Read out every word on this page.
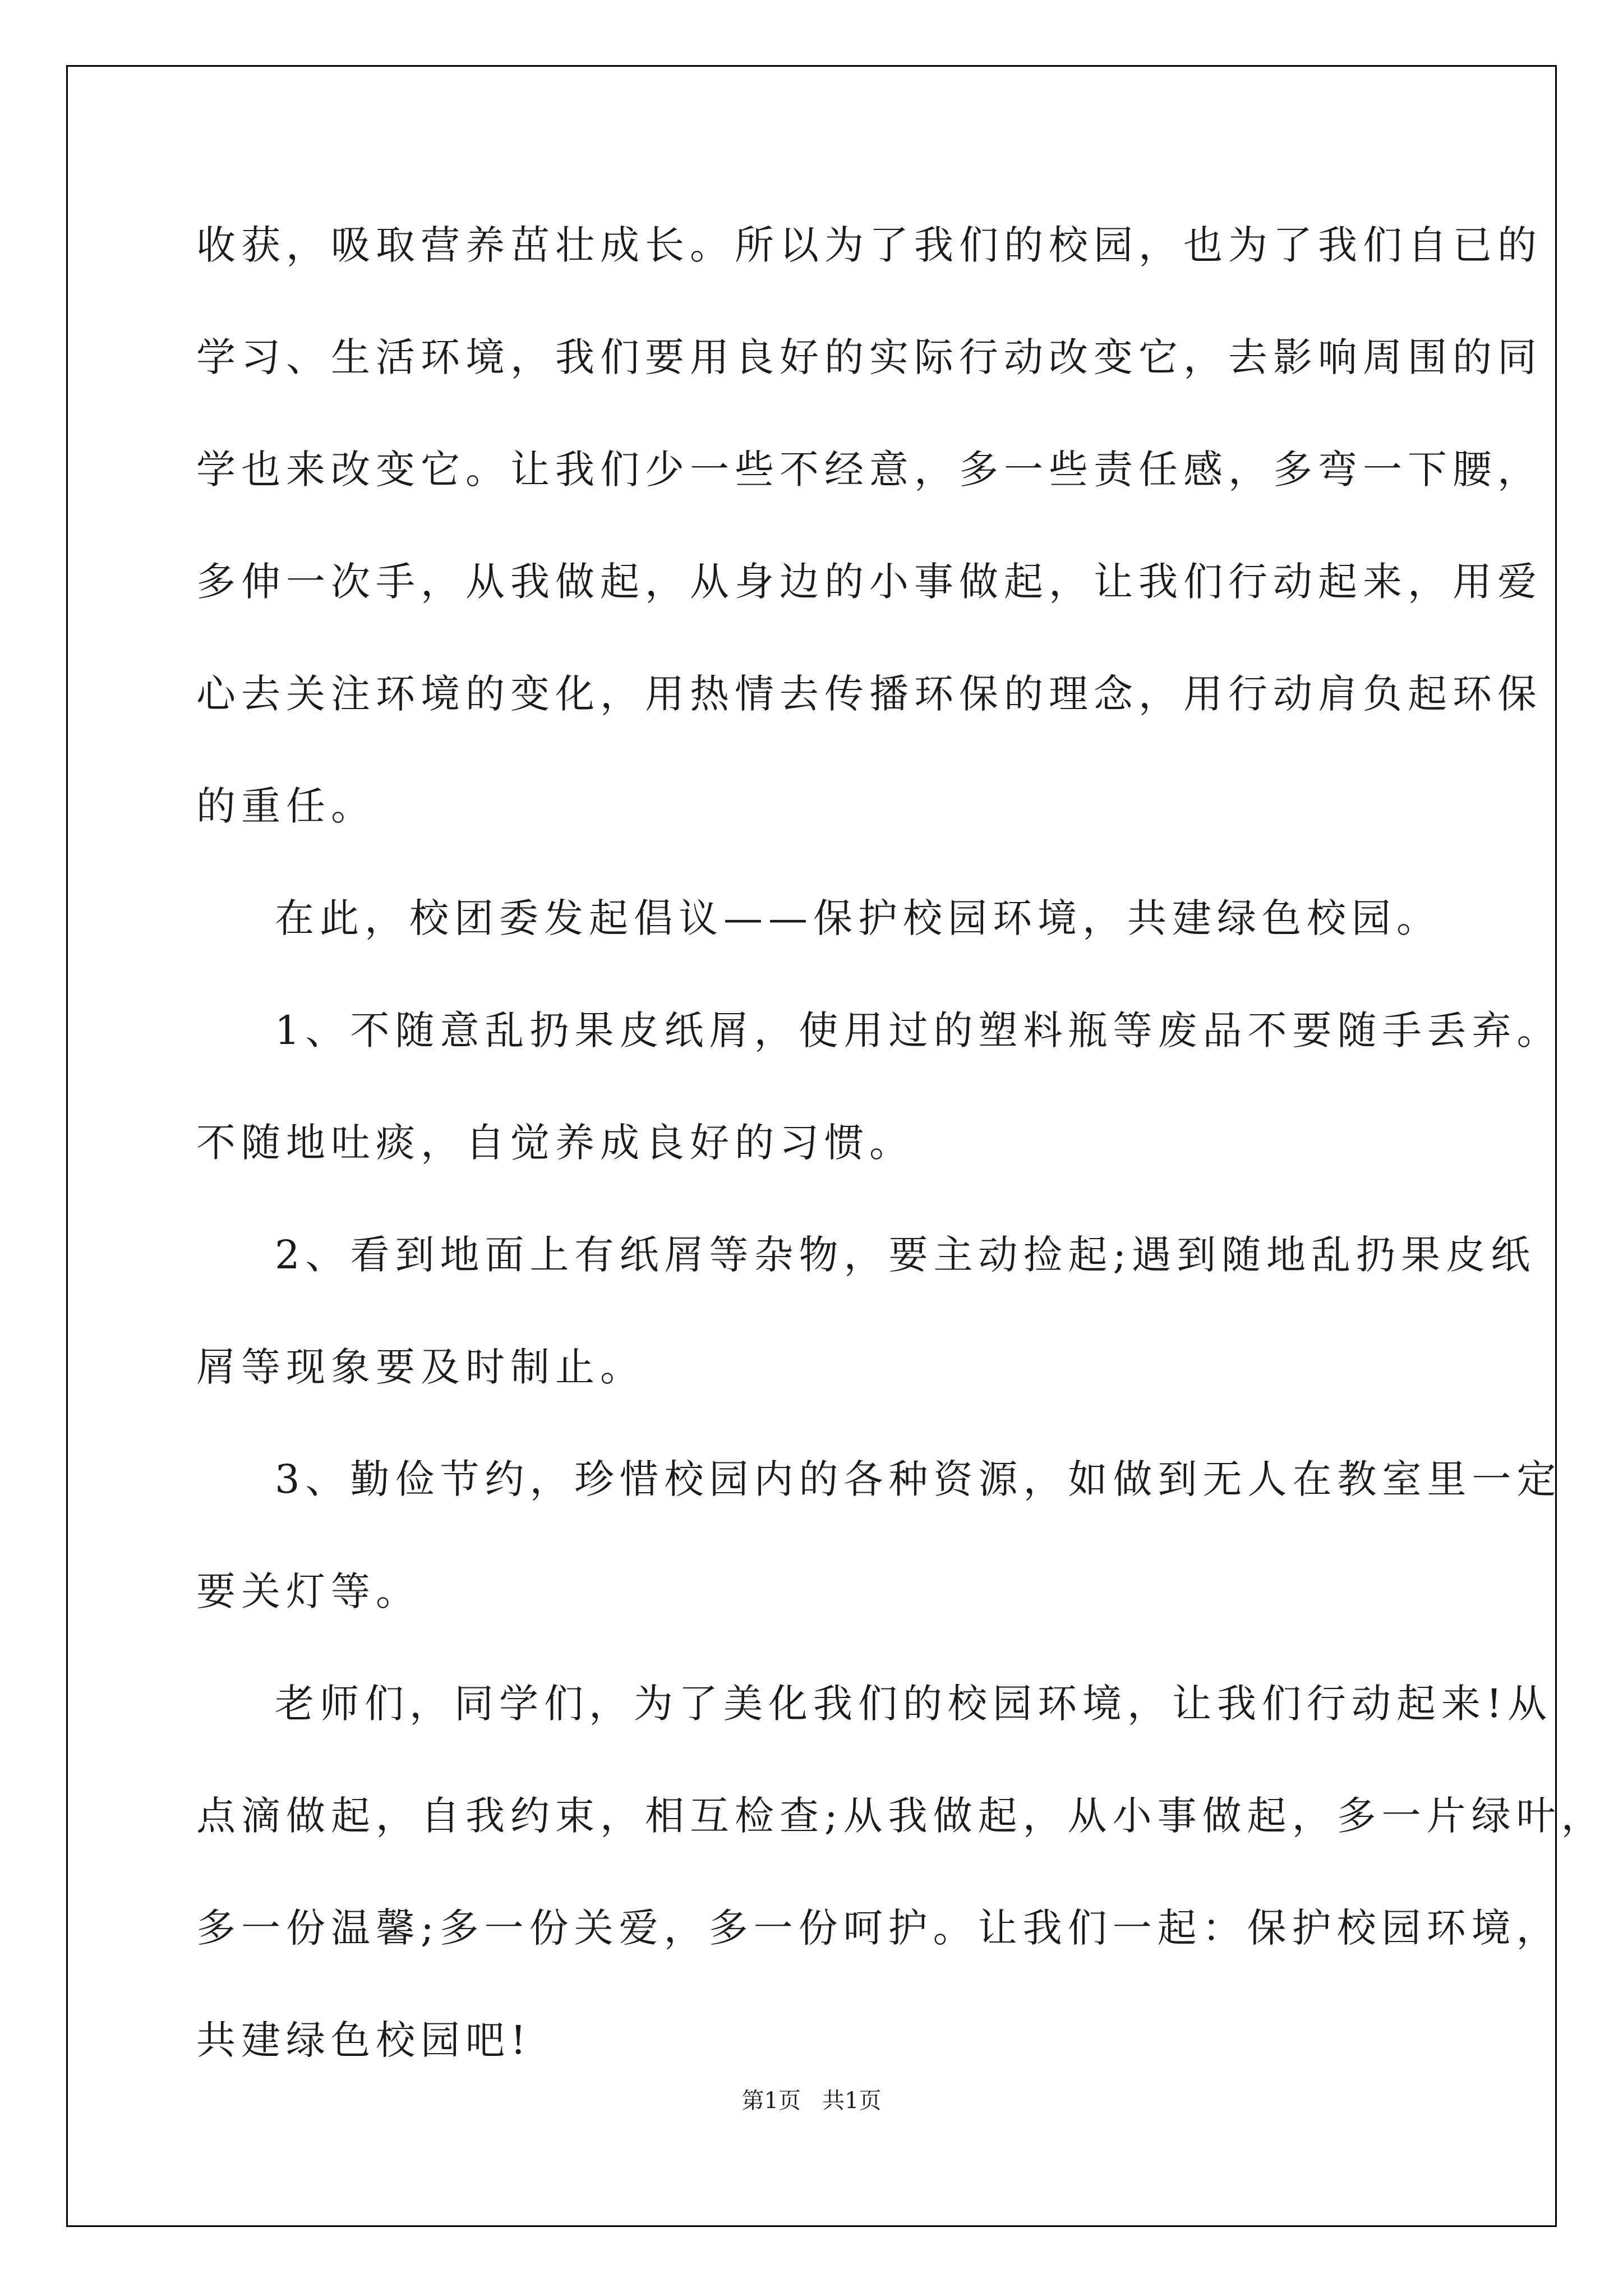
收获，吸取营养茁壮成长。所以为了我们的校园，也为了我们自已的
学习、生活环境，我们要用良好的实际行动改变它，去影响周围的同
学也来改变它。让我们少一些不经意，多一些责任感，多弯一下腰，
多伸一次手，从我做起，从身边的小事做起，让我们行动起来，用爱
心去关注环境的变化，用热情去传播环保的理念，用行动肩负起环保
的重任。
在此，校团委发起倡议——保护校园环境，共建绿色校园。
1、不随意乱扔果皮纸屑，使用过的塑料瓶等废品不要随手丢弃。
不随地吐痰，自觉养成良好的习惯。
2、看到地面上有纸屑等杂物，要主动捡起;遇到随地乱扔果皮纸
屑等现象要及时制止。
3、勤俭节约，珍惜校园内的各种资源，如做到无人在教室里一定
要关灯等。
老师们，同学们，为了美化我们的校园环境，让我们行动起来!从
点滴做起，自我约束，相互检查;从我做起，从小事做起，多一片绿叶，
多一份温馨;多一份关爱，多一份呵护。让我们一起：保护校园环境，
共建绿色校园吧!
第1页   共1页
